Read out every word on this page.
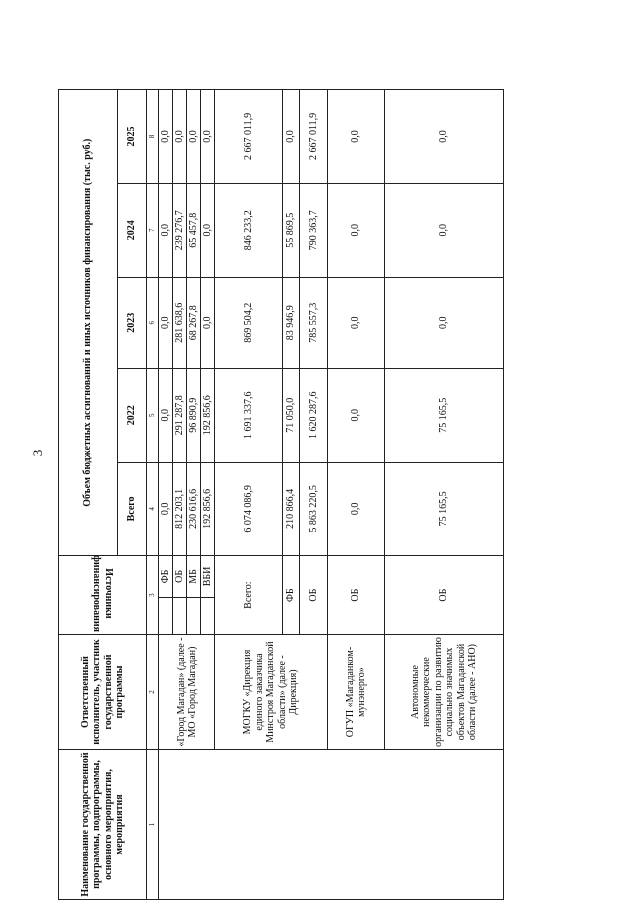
3
Наименование государственной программы, подпрограммы, основного мероприятия, мероприятия	Ответственный исполнитель, участник государственной программы	Источники финансирования		Объем бюджетных ассигнований и иных источников финансирования (тыс. руб.)				
				Всего	2022	2023	2024	2025
1	2	3		4	5	6	7	8
	«Город Магадан» (далее - МО «Город Магадан)		ФБ	0,0	0,0	0,0	0,0	0,0
			ОБ	812 203,1	291 287,8	281 638,6	239 276,7	0,0
			МБ	230 616,6	96 890,9	68 267,8	65 457,8	0,0
			ВБИ	192 856,6	192 856,6	0,0	0,0	0,0
	МОГКУ «Дирекция единого заказчика Минстроя Магаданской области» (далее - Дирекция)	Всего:		6 074 086,9	1 691 337,6	869 504,2	846 233,2	2 667 011,9
		ФБ		210 866,4	71 050,0	83 946,9	55 869,5	0,0
		ОБ		5 863 220,5	1 620 287,6	785 557,3	790 363,7	2 667 011,9
	ОГУП «Магаданком-мунэнерго»	ОБ		0,0	0,0	0,0	0,0	0,0
	Автономные некоммерческие организации по развитию социально значимых объектов Магаданской области (далее - АНО)	ОБ		75 165,5	75 165,5	0,0	0,0	0,0
